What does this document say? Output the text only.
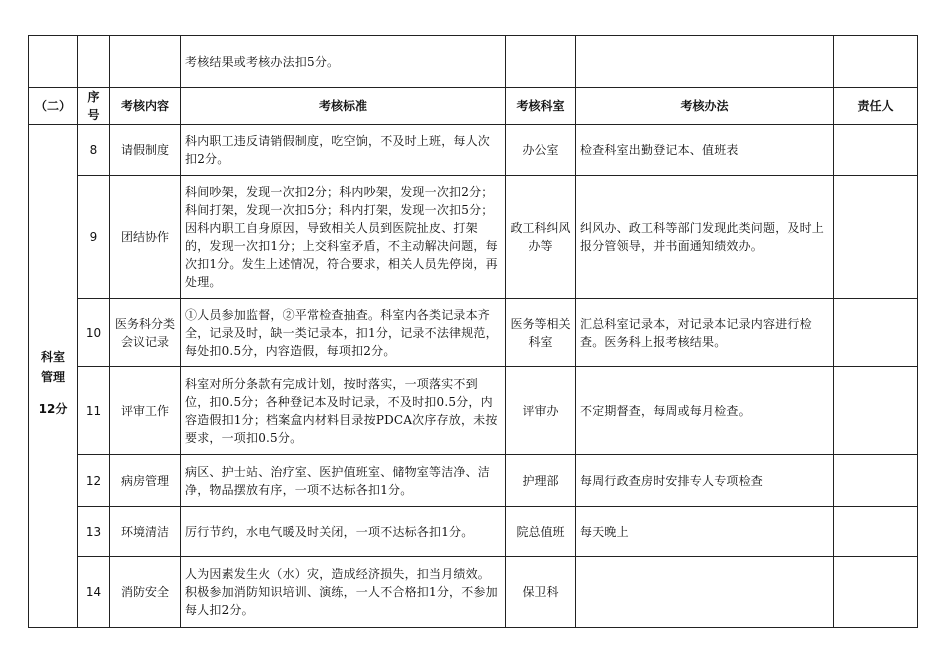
			考核结果或考核办法扣5分。			
（二）	序号	考核内容	考核标准	考核科室	考核办法	责任人

科室
管理
12分	8	请假制度	科内职工违反请销假制度，吃空饷，不及时上班，每人次扣2分。	办公室	检查科室出勤登记本、值班表	
	9	团结协作	科间吵架，发现一次扣2分；科内吵架，发现一次扣2分；科间打架，发现一次扣5分；科内打架，发现一次扣5分；因科内职工自身原因，导致相关人员到医院扯皮、打架的，发现一次扣1分；上交科室矛盾，不主动解决问题，每次扣1分。发生上述情况，符合要求，相关人员先停岗，再处理。	政工科纠风办等	纠风办、政工科等部门发现此类问题，及时上报分管领导，并书面通知绩效办。	
	10	医务科分类会议记录	①人员参加监督，②平常检查抽查。科室内各类记录本齐全，记录及时，缺一类记录本，扣1分，记录不法律规范，每处扣0.5分，内容造假，每项扣2分。	医务等相关科室	汇总科室记录本，对记录本记录内容进行检查。医务科上报考核结果。	
	11	评审工作	科室对所分条款有完成计划，按时落实，一项落实不到位，扣0.5分；各种登记本及时记录，不及时扣0.5分，内容造假扣1分；档案盒内材料目录按PDCA次序存放，未按要求，一项扣0.5分。	评审办	不定期督查，每周或每月检查。	
	12	病房管理	病区、护士站、治疗室、医护值班室、储物室等洁净、洁净，物品摆放有序，一项不达标各扣1分。	护理部	每周行政查房时安排专人专项检查	
	13	环境清洁	厉行节约，水电气暖及时关闭，一项不达标各扣1分。	院总值班	每天晚上	
	14	消防安全	人为因素发生火（水）灾，造成经济损失，扣当月绩效。积极参加消防知识培训、演练，一人不合格扣1分，不参加每人扣2分。	保卫科		
